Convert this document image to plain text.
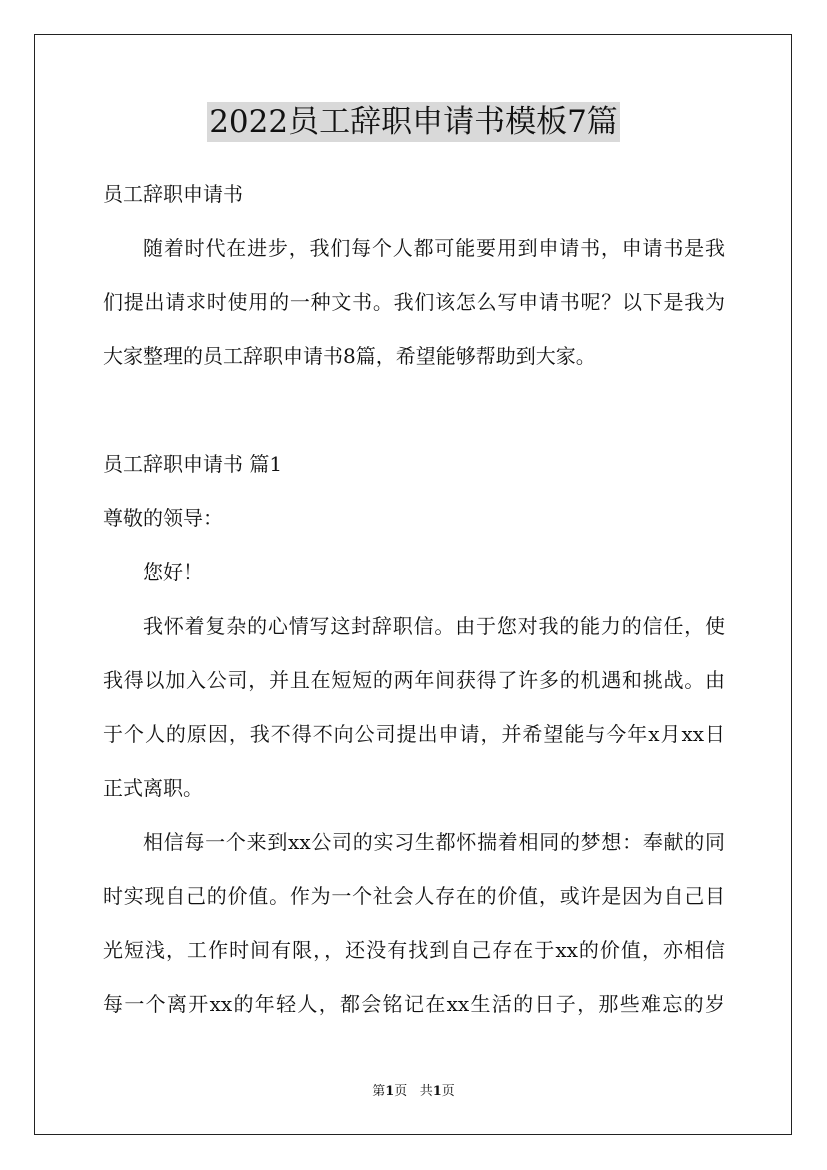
2022员工辞职申请书模板7篇
员工辞职申请书
随着时代在进步，我们每个人都可能要用到申请书，申请书是我
们提出请求时使用的一种文书。我们该怎么写申请书呢？以下是我为
大家整理的员工辞职申请书8篇，希望能够帮助到大家。
员工辞职申请书 篇1
尊敬的领导：
您好！
我怀着复杂的心情写这封辞职信。由于您对我的能力的信任，使
我得以加入公司，并且在短短的两年间获得了许多的机遇和挑战。由
于个人的原因，我不得不向公司提出申请，并希望能与今年x月xx日
正式离职。
相信每一个来到xx公司的实习生都怀揣着相同的梦想：奉献的同
时实现自己的价值。作为一个社会人存在的价值，或许是因为自己目
光短浅，工作时间有限，，还没有找到自己存在于xx的价值，亦相信
每一个离开xx的年轻人，都会铭记在xx生活的日子，那些难忘的岁
第1页 共1页
